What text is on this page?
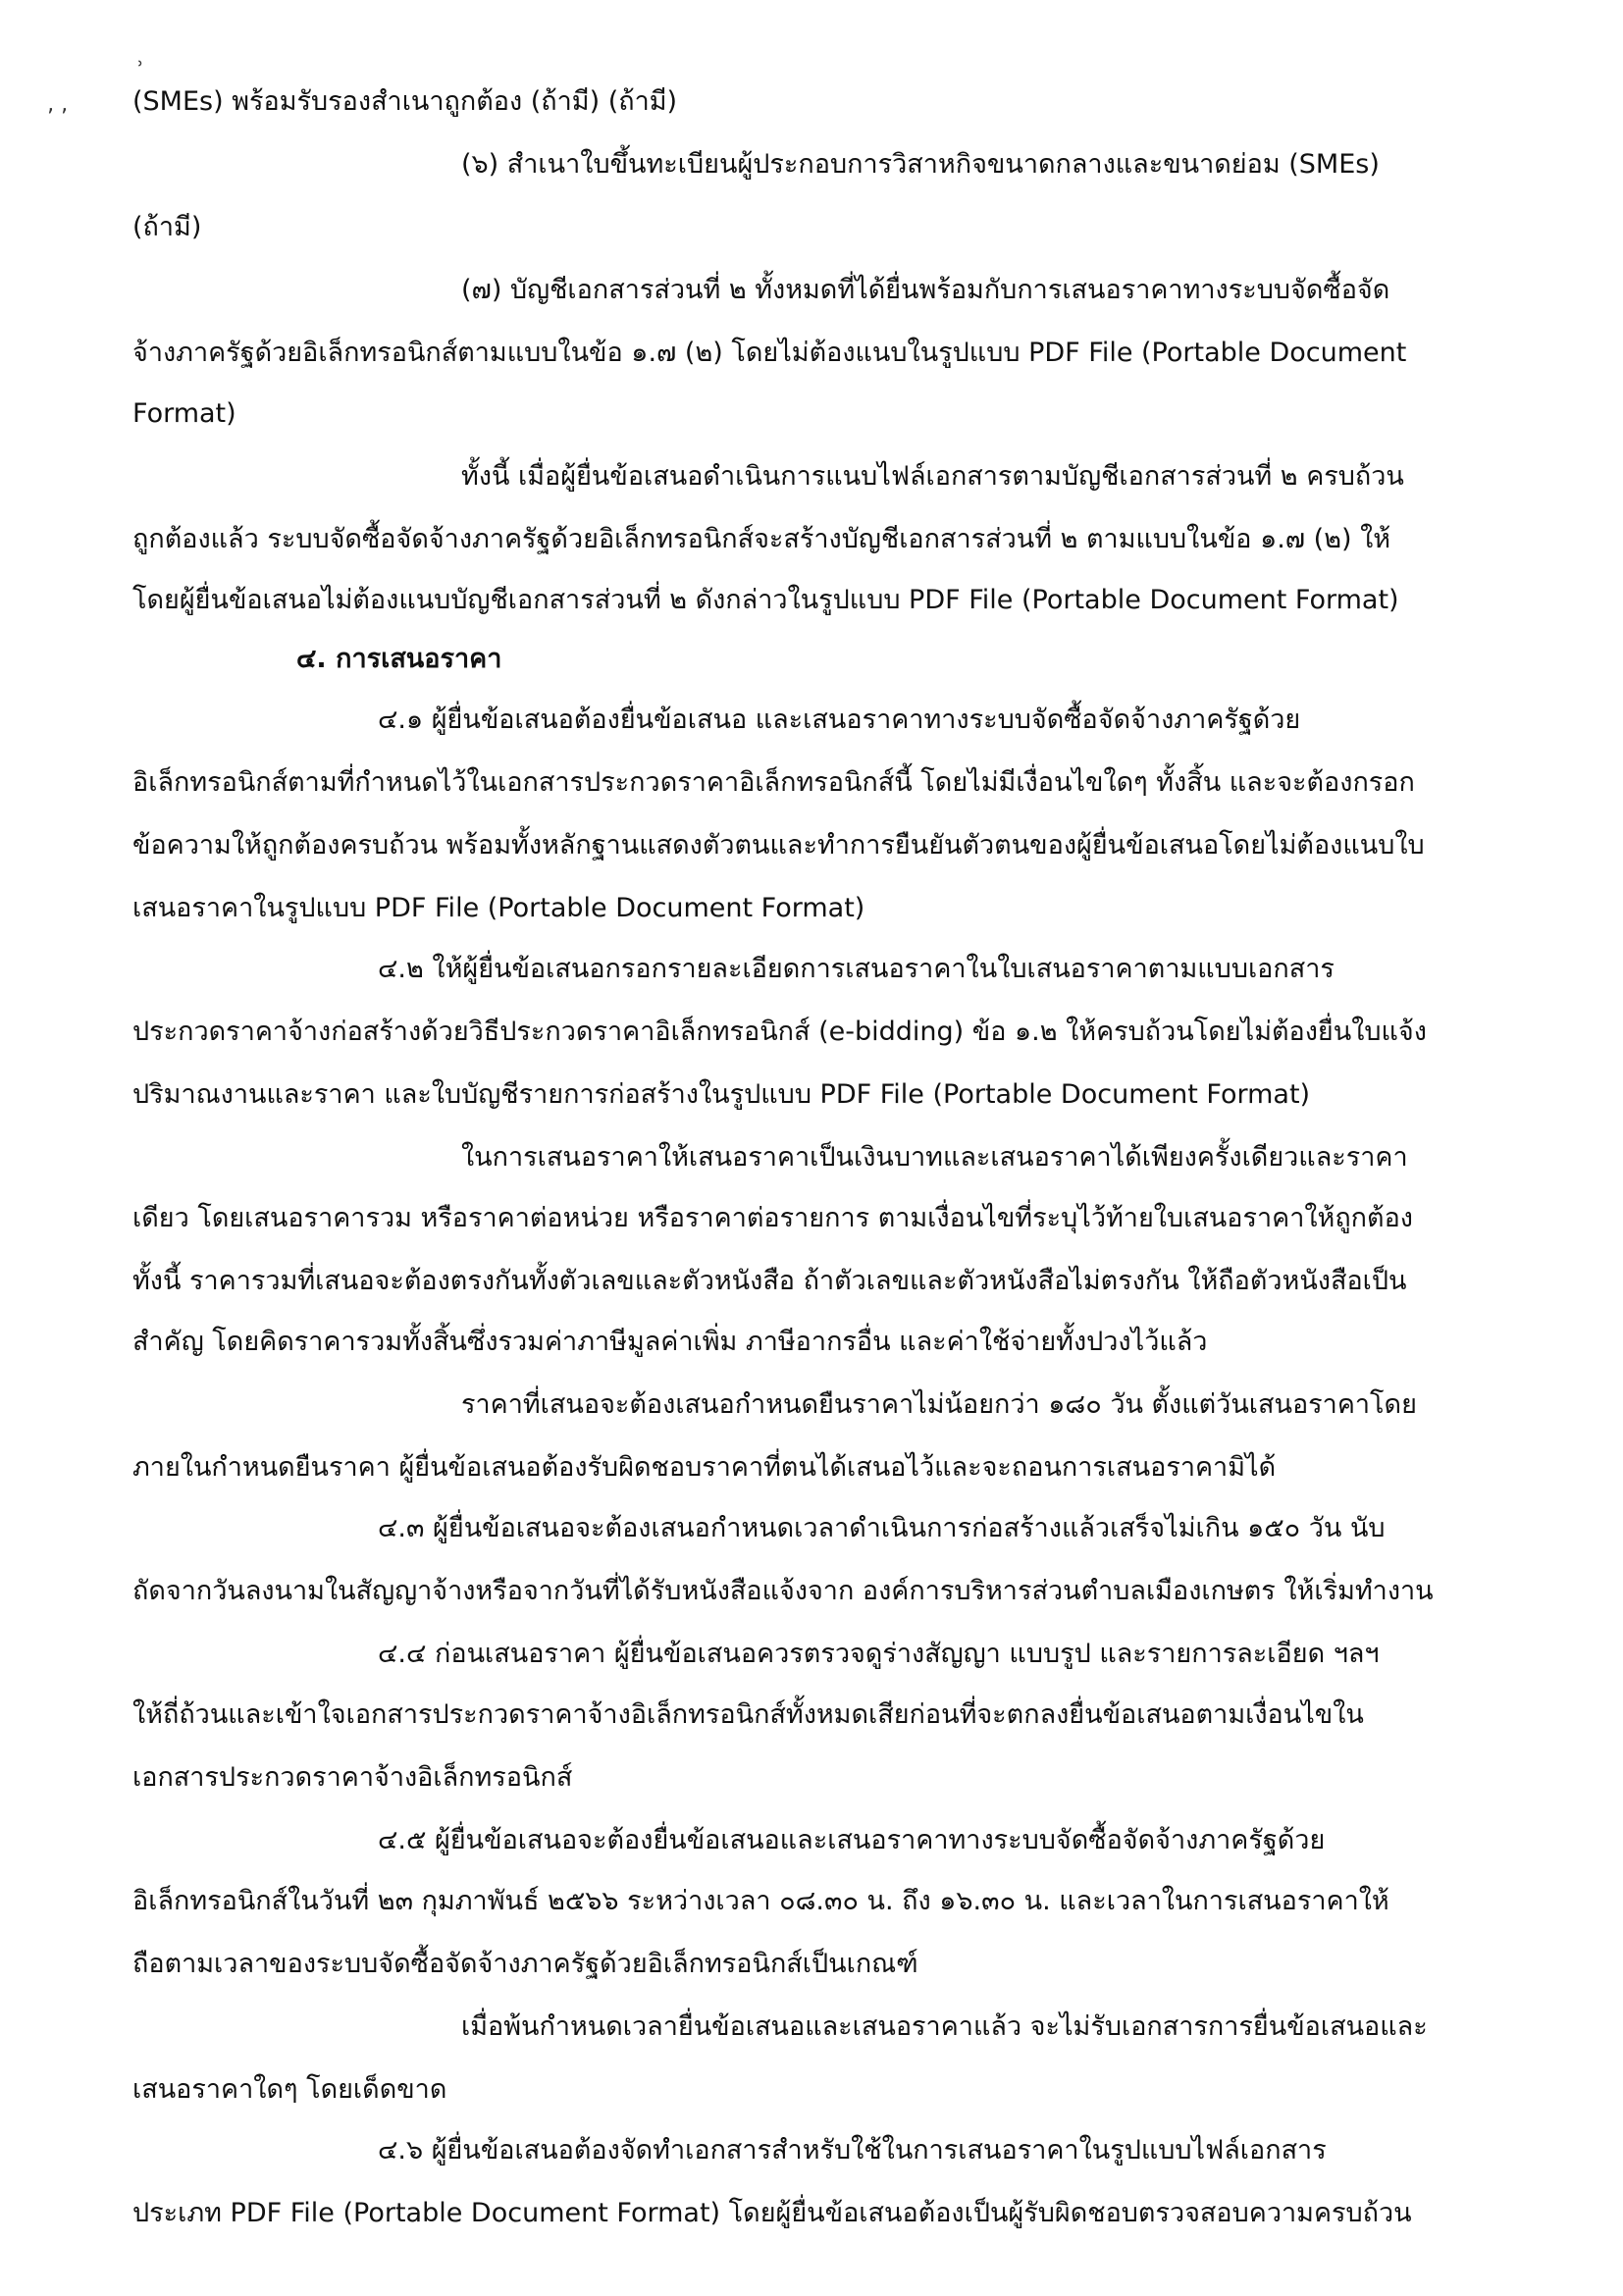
˒
‚ ‚ (SMEs) พร้อมรับรองสำเนาถูกต้อง (ถ้ามี) (ถ้ามี)
(๖) สำเนาใบขึ้นทะเบียนผู้ประกอบการวิสาหกิจขนาดกลางและขนาดย่อม (SMEs)
(ถ้ามี)
(๗) บัญชีเอกสารส่วนที่ ๒ ทั้งหมดที่ได้ยื่นพร้อมกับการเสนอราคาทางระบบจัดซื้อจัด
จ้างภาครัฐด้วยอิเล็กทรอนิกส์ตามแบบในข้อ ๑.๗ (๒) โดยไม่ต้องแนบในรูปแบบ PDF File (Portable Document
Format)
ทั้งนี้ เมื่อผู้ยื่นข้อเสนอดำเนินการแนบไฟล์เอกสารตามบัญชีเอกสารส่วนที่ ๒ ครบถ้วน
ถูกต้องแล้ว ระบบจัดซื้อจัดจ้างภาครัฐด้วยอิเล็กทรอนิกส์จะสร้างบัญชีเอกสารส่วนที่ ๒ ตามแบบในข้อ ๑.๗ (๒) ให้
โดยผู้ยื่นข้อเสนอไม่ต้องแนบบัญชีเอกสารส่วนที่ ๒ ดังกล่าวในรูปแบบ PDF File (Portable Document Format)
๔. การเสนอราคา
๔.๑ ผู้ยื่นข้อเสนอต้องยื่นข้อเสนอ และเสนอราคาทางระบบจัดซื้อจัดจ้างภาครัฐด้วย
อิเล็กทรอนิกส์ตามที่กำหนดไว้ในเอกสารประกวดราคาอิเล็กทรอนิกส์นี้ โดยไม่มีเงื่อนไขใดๆ ทั้งสิ้น และจะต้องกรอก
ข้อความให้ถูกต้องครบถ้วน พร้อมทั้งหลักฐานแสดงตัวตนและทำการยืนยันตัวตนของผู้ยื่นข้อเสนอโดยไม่ต้องแนบใบ
เสนอราคาในรูปแบบ PDF File (Portable Document Format)
๔.๒ ให้ผู้ยื่นข้อเสนอกรอกรายละเอียดการเสนอราคาในใบเสนอราคาตามแบบเอกสาร
ประกวดราคาจ้างก่อสร้างด้วยวิธีประกวดราคาอิเล็กทรอนิกส์ (e-bidding) ข้อ ๑.๒ ให้ครบถ้วนโดยไม่ต้องยื่นใบแจ้ง
ปริมาณงานและราคา และใบบัญชีรายการก่อสร้างในรูปแบบ PDF File (Portable Document Format)
ในการเสนอราคาให้เสนอราคาเป็นเงินบาทและเสนอราคาได้เพียงครั้งเดียวและราคา
เดียว โดยเสนอราคารวม หรือราคาต่อหน่วย หรือราคาต่อรายการ ตามเงื่อนไขที่ระบุไว้ท้ายใบเสนอราคาให้ถูกต้อง
ทั้งนี้ ราคารวมที่เสนอจะต้องตรงกันทั้งตัวเลขและตัวหนังสือ ถ้าตัวเลขและตัวหนังสือไม่ตรงกัน ให้ถือตัวหนังสือเป็น
สำคัญ โดยคิดราคารวมทั้งสิ้นซึ่งรวมค่าภาษีมูลค่าเพิ่ม ภาษีอากรอื่น และค่าใช้จ่ายทั้งปวงไว้แล้ว
ราคาที่เสนอจะต้องเสนอกำหนดยืนราคาไม่น้อยกว่า ๑๘๐ วัน ตั้งแต่วันเสนอราคาโดย
ภายในกำหนดยืนราคา ผู้ยื่นข้อเสนอต้องรับผิดชอบราคาที่ตนได้เสนอไว้และจะถอนการเสนอราคามิได้
๔.๓ ผู้ยื่นข้อเสนอจะต้องเสนอกำหนดเวลาดำเนินการก่อสร้างแล้วเสร็จไม่เกิน ๑๕๐ วัน นับ
ถัดจากวันลงนามในสัญญาจ้างหรือจากวันที่ได้รับหนังสือแจ้งจาก องค์การบริหารส่วนตำบลเมืองเกษตร ให้เริ่มทำงาน
๔.๔ ก่อนเสนอราคา ผู้ยื่นข้อเสนอควรตรวจดูร่างสัญญา แบบรูป และรายการละเอียด ฯลฯ
ให้ถี่ถ้วนและเข้าใจเอกสารประกวดราคาจ้างอิเล็กทรอนิกส์ทั้งหมดเสียก่อนที่จะตกลงยื่นข้อเสนอตามเงื่อนไขใน
เอกสารประกวดราคาจ้างอิเล็กทรอนิกส์
๔.๕ ผู้ยื่นข้อเสนอจะต้องยื่นข้อเสนอและเสนอราคาทางระบบจัดซื้อจัดจ้างภาครัฐด้วย
อิเล็กทรอนิกส์ในวันที่ ๒๓ กุมภาพันธ์ ๒๕๖๖ ระหว่างเวลา ๐๘.๓๐ น. ถึง ๑๖.๓๐ น. และเวลาในการเสนอราคาให้
ถือตามเวลาของระบบจัดซื้อจัดจ้างภาครัฐด้วยอิเล็กทรอนิกส์เป็นเกณฑ์
เมื่อพ้นกำหนดเวลายื่นข้อเสนอและเสนอราคาแล้ว จะไม่รับเอกสารการยื่นข้อเสนอและ
เสนอราคาใดๆ โดยเด็ดขาด
๔.๖ ผู้ยื่นข้อเสนอต้องจัดทำเอกสารสำหรับใช้ในการเสนอราคาในรูปแบบไฟล์เอกสาร
ประเภท PDF File (Portable Document Format) โดยผู้ยื่นข้อเสนอต้องเป็นผู้รับผิดชอบตรวจสอบความครบถ้วน
